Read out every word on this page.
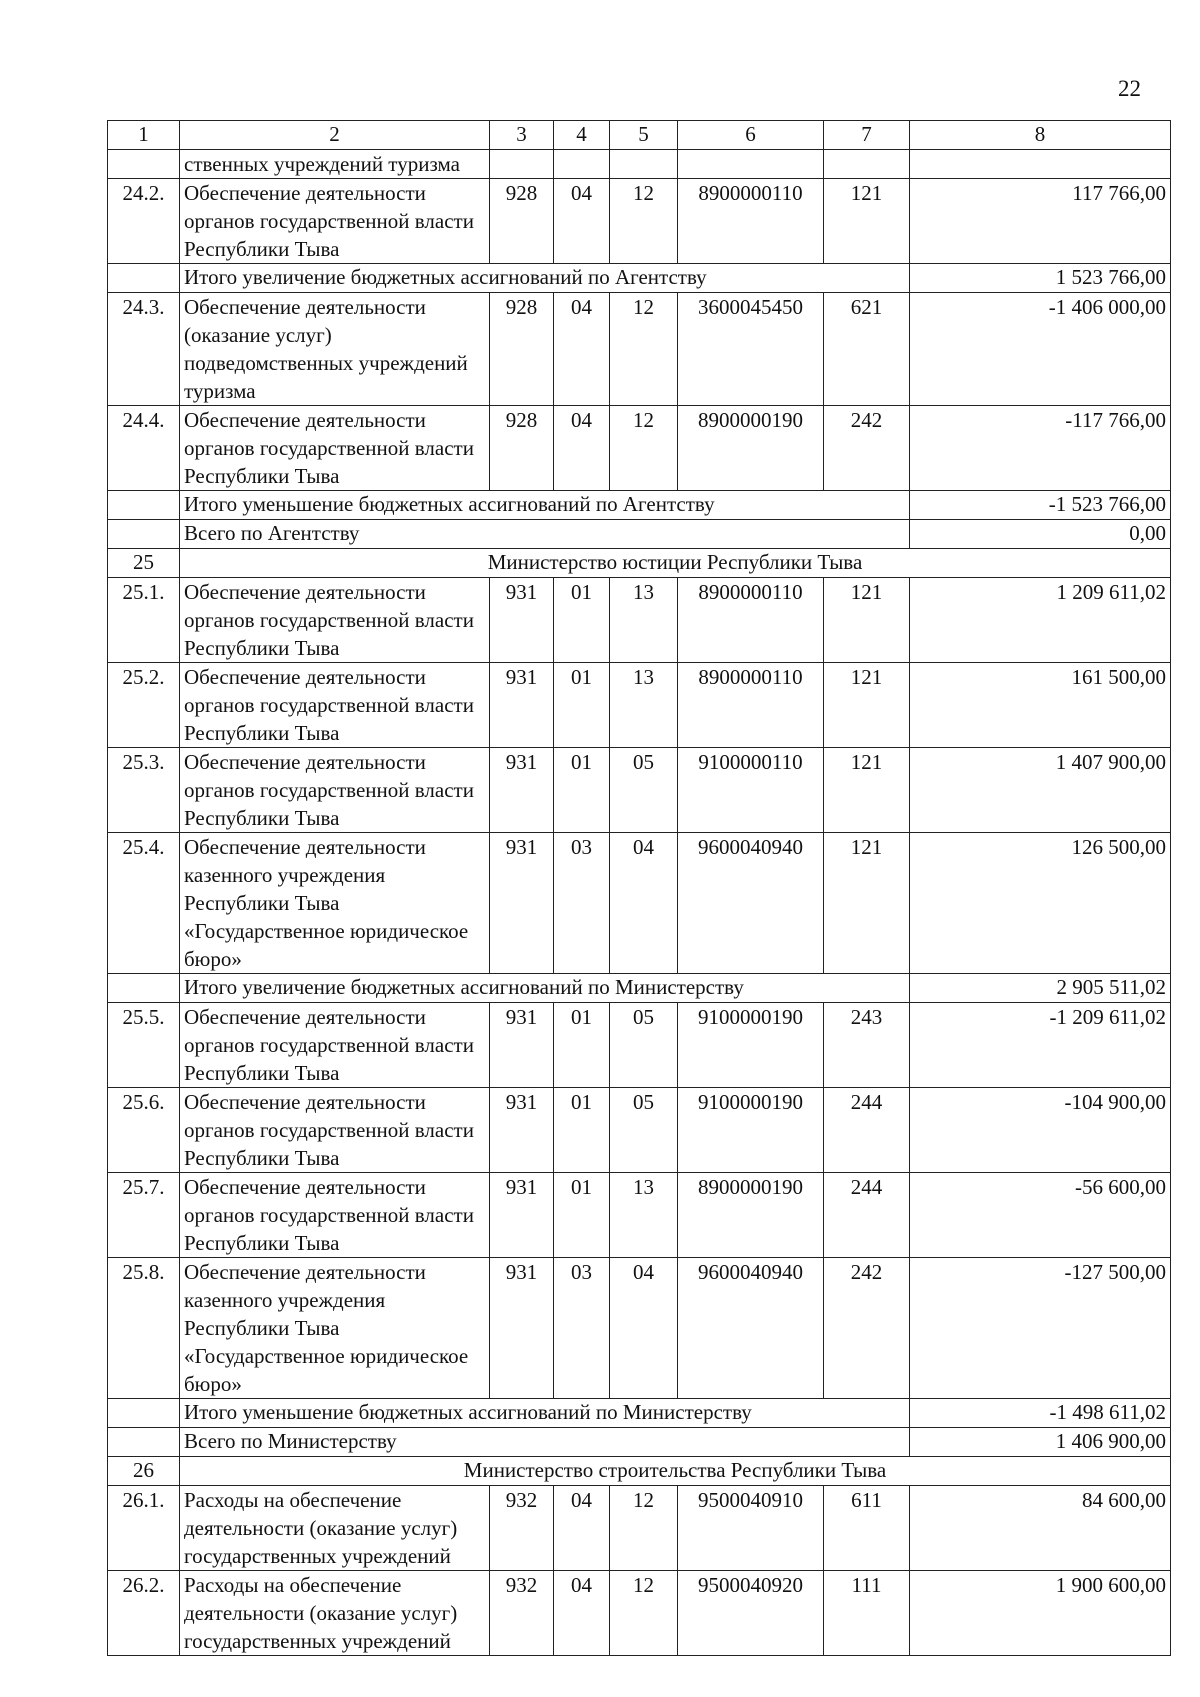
22
1	2	3	4	5	6	7	8
	ственных учреждений туризма						
24.2.	Обеспечение деятельности органов государственной власти Республики Тыва	928	04	12	8900000110	121	117 766,00
	Итого увеличение бюджетных ассигнований по Агентству						1 523 766,00
24.3.	Обеспечение деятельности (оказание услуг) подведомственных учреждений туризма	928	04	12	3600045450	621	-1 406 000,00
24.4.	Обеспечение деятельности органов государственной власти Республики Тыва	928	04	12	8900000190	242	-117 766,00
	Итого уменьшение бюджетных ассигнований по Агентству						-1 523 766,00
	Всего по Агентству						0,00
25	Министерство юстиции Республики Тыва						
25.1.	Обеспечение деятельности органов государственной власти Республики Тыва	931	01	13	8900000110	121	1 209 611,02
25.2.	Обеспечение деятельности органов государственной власти Республики Тыва	931	01	13	8900000110	121	161 500,00
25.3.	Обеспечение деятельности органов государственной власти Республики Тыва	931	01	05	9100000110	121	1 407 900,00
25.4.	Обеспечение деятельности казенного учреждения Республики Тыва «Государственное юридическое бюро»	931	03	04	9600040940	121	126 500,00
	Итого увеличение бюджетных ассигнований по Министерству						2 905 511,02
25.5.	Обеспечение деятельности органов государственной власти Республики Тыва	931	01	05	9100000190	243	-1 209 611,02
25.6.	Обеспечение деятельности органов государственной власти Республики Тыва	931	01	05	9100000190	244	-104 900,00
25.7.	Обеспечение деятельности органов государственной власти Республики Тыва	931	01	13	8900000190	244	-56 600,00
25.8.	Обеспечение деятельности казенного учреждения Республики Тыва «Государственное юридическое бюро»	931	03	04	9600040940	242	-127 500,00
	Итого уменьшение бюджетных ассигнований по Министерству						-1 498 611,02
	Всего по Министерству						1 406 900,00
26	Министерство строительства Республики Тыва						
26.1.	Расходы на обеспечение деятельности (оказание услуг) государственных учреждений	932	04	12	9500040910	611	84 600,00
26.2.	Расходы на обеспечение деятельности (оказание услуг) государственных учреждений	932	04	12	9500040920	111	1 900 600,00
